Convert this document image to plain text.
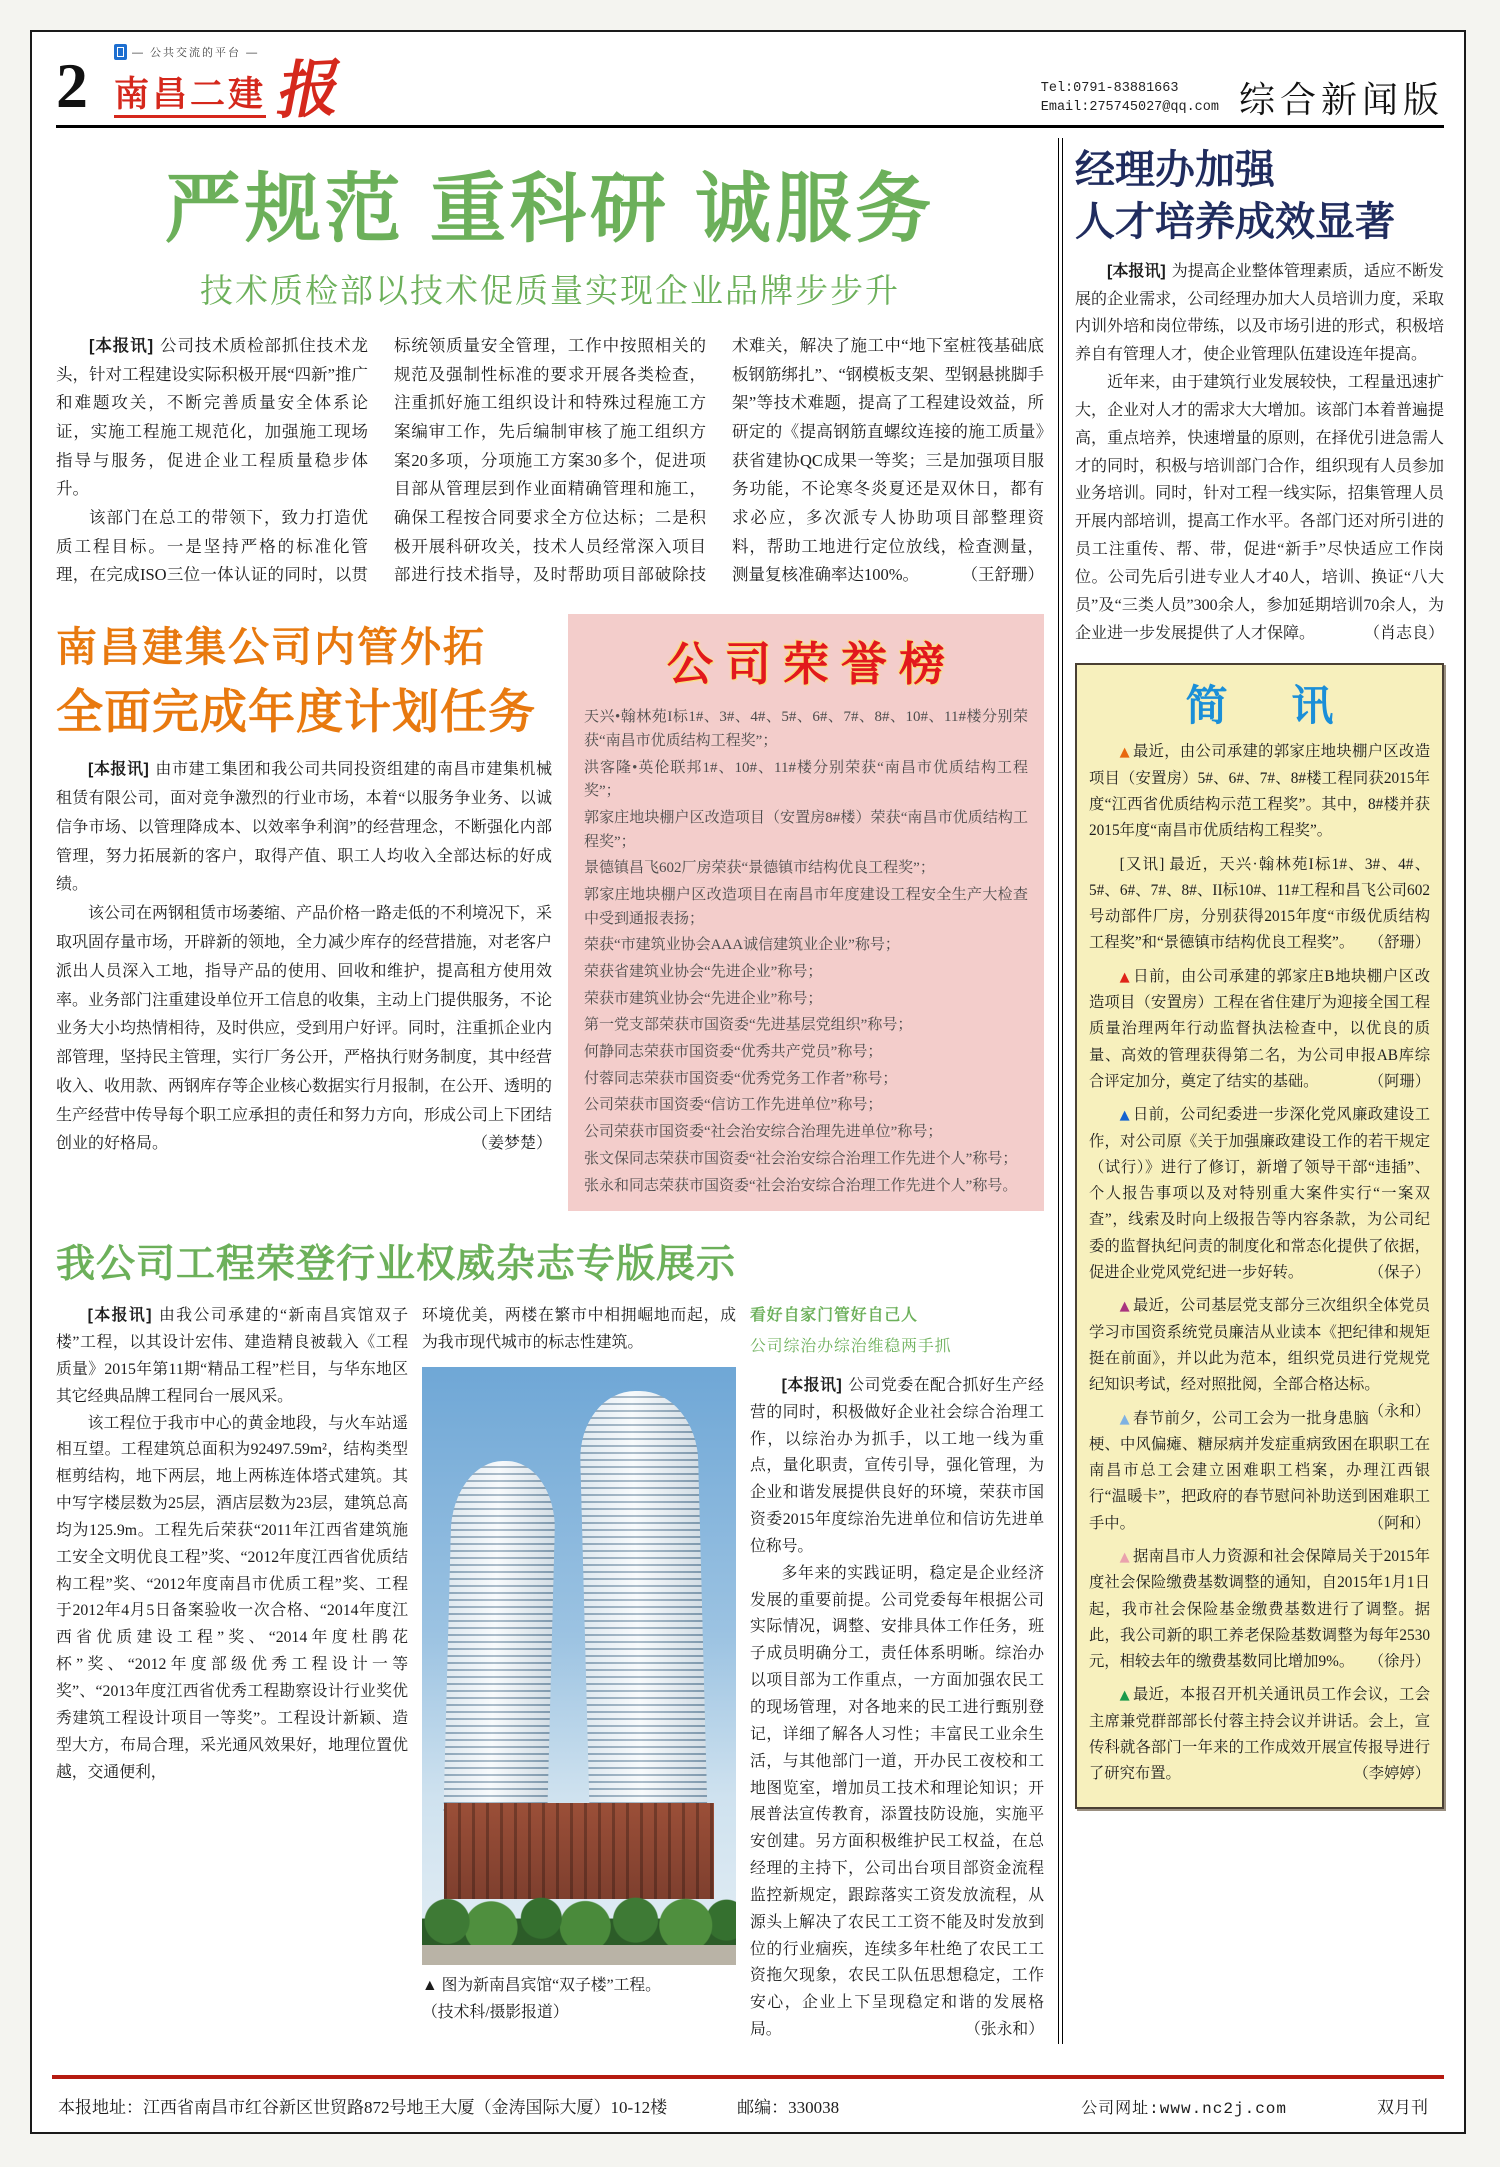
2	— 公共交流的平台 —
南昌二建 报	Tel:0791-83881663
Email:275745027@qq.com 综合新闻版
严规范 重科研 诚服务
技术质检部以技术促质量实现企业品牌步步升

[本报讯] 公司技术质检部抓住技术龙头，针对工程建设实际积极开展“四新”推广和难题攻关，不断完善质量安全体系论证，实施工程施工规范化，加强施工现场指导与服务，促进企业工程质量稳步体升。

该部门在总工的带领下，致力打造优质工程目标。一是坚持严格的标准化管理，在完成ISO三位一体认证的同时，以贯标统领质量安全管理，工作中按照相关的规范及强制性标准的要求开展各类检查，注重抓好施工组织设计和特殊过程施工方案编审工作，先后编制审核了施工组织方案20多项，分项施工方案30多个，促进项目部从管理层到作业面精确管理和施工，确保工程按合同要求全方位达标；二是积极开展科研攻关，技术人员经常深入项目部进行技术指导，及时帮助项目部破除技术难关，解决了施工中“地下室桩筏基础底板钢筋绑扎”、“钢模板支架、型钢悬挑脚手架”等技术难题，提高了工程建设效益，所研定的《提高钢筋直螺纹连接的施工质量》获省建协QC成果一等奖；三是加强项目服务功能，不论寒冬炎夏还是双休日，都有求必应，多次派专人协助项目部整理资料，帮助工地进行定位放线，检查测量，测量复核准确率达100%。	（王舒珊）

南昌建集公司内管外拓

全面完成年度计划任务

[本报讯] 由市建工集团和我公司共同投资组建的南昌市建集机械租赁有限公司，面对竞争激烈的行业市场，本着“以服务争业务、以诚信争市场、以管理降成本、以效率争利润”的经营理念，不断强化内部管理，努力拓展新的客户，取得产值、职工人均收入全部达标的好成绩。

该公司在两钢租赁市场萎缩、产品价格一路走低的不利境况下，采取巩固存量市场，开辟新的领地，全力减少库存的经营措施，对老客户派出人员深入工地，指导产品的使用、回收和维护，提高租方使用效率。业务部门注重建设单位开工信息的收集，主动上门提供服务，不论业务大小均热情相待，及时供应，受到用户好评。同时，注重抓企业内部管理，坚持民主管理，实行厂务公开，严格执行财务制度，其中经营收入、收用款、两钢库存等企业核心数据实行月报制，在公开、透明的生产经营中传导每个职工应承担的责任和努力方向，形成公司上下团结创业的好格局。	（姜梦楚）

公司荣誉榜

天兴•翰林苑I标1#、3#、4#、5#、6#、7#、8#、10#、11#楼分别荣获“南昌市优质结构工程奖”；

洪客隆•英伦联邦1#、10#、11#楼分别荣获“南昌市优质结构工程奖”；

郭家庄地块棚户区改造项目（安置房8#楼）荣获“南昌市优质结构工程奖”；

景德镇昌飞602厂房荣获“景德镇市结构优良工程奖”；

郭家庄地块棚户区改造项目在南昌市年度建设工程安全生产大检查中受到通报表扬；

荣获“市建筑业协会AAA诚信建筑业企业”称号；

荣获省建筑业协会“先进企业”称号；

荣获市建筑业协会“先进企业”称号；

第一党支部荣获市国资委“先进基层党组织”称号；

何静同志荣获市国资委“优秀共产党员”称号；

付蓉同志荣获市国资委“优秀党务工作者”称号；

公司荣获市国资委“信访工作先进单位”称号；

公司荣获市国资委“社会治安综合治理先进单位”称号；

张文保同志荣获市国资委“社会治安综合治理工作先进个人”称号；

张永和同志荣获市国资委“社会治安综合治理工作先进个人”称号。

我公司工程荣登行业权威杂志专版展示

[本报讯] 由我公司承建的“新南昌宾馆双子楼”工程，以其设计宏伟、建造精良被载入《工程质量》2015年第11期“精品工程”栏目，与华东地区其它经典品牌工程同台一展风采。

该工程位于我市中心的黄金地段，与火车站遥相互望。工程建筑总面积为92497.59m²，结构类型框剪结构，地下两层，地上两栋连体塔式建筑。其中写字楼层数为25层，酒店层数为23层，建筑总高均为125.9m。工程先后荣获“2011年江西省建筑施工安全文明优良工程”奖、“2012年度江西省优质结构工程”奖、“2012年度南昌市优质工程”奖、工程于2012年4月5日备案验收一次合格、“2014年度江西省优质建设工程”奖、“2014年度杜鹃花杯”奖、“2012年度部级优秀工程设计一等奖”、“2013年度江西省优秀工程勘察设计行业奖优秀建筑工程设计项目一等奖”。工程设计新颖、造型大方，布局合理，采光通风效果好，地理位置优越，交通便利，

环境优美，两楼在繁市中相拥崛地而起，成为我市现代城市的标志性建筑。

▲ 图为新南昌宾馆“双子楼”工程。

（技术科/摄影报道）

看好自家门管好自己人

公司综治办综治维稳两手抓

[本报讯] 公司党委在配合抓好生产经营的同时，积极做好企业社会综合治理工作，以综治办为抓手，以工地一线为重点，量化职责，宣传引导，强化管理，为企业和谐发展提供良好的环境，荣获市国资委2015年度综治先进单位和信访先进单位称号。

多年来的实践证明，稳定是企业经济发展的重要前提。公司党委每年根据公司实际情况，调整、安排具体工作任务，班子成员明确分工，责任体系明晰。综治办以项目部为工作重点，一方面加强农民工的现场管理，对各地来的民工进行甄别登记，详细了解各人习性；丰富民工业余生活，与其他部门一道，开办民工夜校和工地图览室，增加员工技术和理论知识；开展普法宣传教育，添置技防设施，实施平安创建。另方面积极维护民工权益，在总经理的主持下，公司出台项目部资金流程监控新规定，跟踪落实工资发放流程，从源头上解决了农民工工资不能及时发放到位的行业痼疾，连续多年杜绝了农民工工资拖欠现象，农民工队伍思想稳定，工作安心，企业上下呈现稳定和谐的发展格局。	（张永和）

经理办加强
人才培养成效显著

[本报讯] 为提高企业整体管理素质，适应不断发展的企业需求，公司经理办加大人员培训力度，采取内训外培和岗位带练，以及市场引进的形式，积极培养自有管理人才，使企业管理队伍建设连年提高。

近年来，由于建筑行业发展较快，工程量迅速扩大，企业对人才的需求大大增加。该部门本着普遍提高，重点培养，快速增量的原则，在择优引进急需人才的同时，积极与培训部门合作，组织现有人员参加业务培训。同时，针对工程一线实际，招集管理人员开展内部培训，提高工作水平。各部门还对所引进的员工注重传、帮、带，促进“新手”尽快适应工作岗位。公司先后引进专业人才40人，培训、换证“八大员”及“三类人员”300余人，参加延期培训70余人，为企业进一步发展提供了人才保障。	（肖志良）

简 讯

▲ 最近，由公司承建的郭家庄地块棚户区改造项目（安置房）5#、6#、7#、8#楼工程同获2015年度“江西省优质结构示范工程奖”。其中，8#楼并获2015年度“南昌市优质结构工程奖”。

[又讯] 最近，天兴·翰林苑I标1#、3#、4#、5#、6#、7#、8#、II标10#、11#工程和昌飞公司602号动部件厂房，分别获得2015年度“市级优质结构工程奖”和“景德镇市结构优良工程奖”。 （舒珊）

▲ 日前，由公司承建的郭家庄B地块棚户区改造项目（安置房）工程在省住建厅为迎接全国工程质量治理两年行动监督执法检查中，以优良的质量、高效的管理获得第二名，为公司申报AB库综合评定加分，奠定了结实的基础。	（阿珊）

▲ 日前，公司纪委进一步深化党风廉政建设工作，对公司原《关于加强廉政建设工作的若干规定（试行）》进行了修订，新增了领导干部“违插”、个人报告事项以及对特别重大案件实行“一案双查”，线索及时向上级报告等内容条款，为公司纪委的监督执纪问责的制度化和常态化提供了依据，促进企业党风党纪进一步好转。	（保子）

▲ 最近，公司基层党支部分三次组织全体党员学习市国资系统党员廉洁从业读本《把纪律和规矩挺在前面》，并以此为范本，组织党员进行党规党纪知识考试，经对照批阅，全部合格达标。
（永和）

▲ 春节前夕，公司工会为一批身患脑梗、中风偏瘫、糖尿病并发症重病致困在职职工在南昌市总工会建立困难职工档案，办理江西银行“温暖卡”，把政府的春节慰问补助送到困难职工手中。	（阿和）

▲ 据南昌市人力资源和社会保障局关于2015年度社会保险缴费基数调整的通知，自2015年1月1日起，我市社会保险基金缴费基数进行了调整。据此，我公司新的职工养老保险基数调整为每年2530元，相较去年的缴费基数同比增加9%。 （徐丹）

▲ 最近，本报召开机关通讯员工作会议，工会主席兼党群部部长付蓉主持会议并讲话。会上，宣传科就各部门一年来的工作成效开展宣传报导进行了研究布置。	（李婷婷）

本报地址：江西省南昌市红谷新区世贸路872号地王大厦（金涛国际大厦）10-12楼	邮编：330038	公司网址:www.nc2j.com	双月刊
